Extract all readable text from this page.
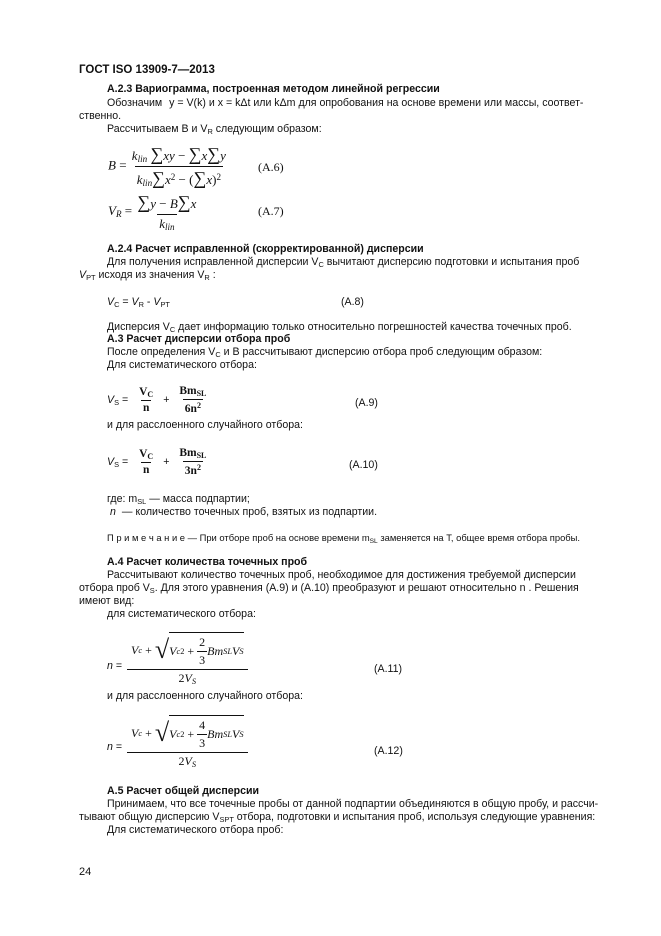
ГОСТ ISO 13909-7—2013
А.2.3 Вариограмма, построенная методом линейной регрессии
Обозначим y = V(k) и x = kΔt или kΔm для опробования на основе времени или массы, соответ-
ственно.
Рассчитываем B и $V_R$ следующим образом:
$B = \frac{k_{lin} \sum xy - \sum x\sum y}{k_{lin}\sum x^2 - (\sum x)^2}$	(А.6)
$V_R = \frac{\sum y - B\sum x}{k_{lin}}$	(А.7)
А.2.4 Расчет исправленной (скорректированной) дисперсии
Для получения исправленной дисперсии $V_C$ вычитают дисперсию подготовки и испытания проб
$V_{PT}$ исходя из значения $V_R$ :
$V_C = V_R - V_{PT}$	(А.8)
Дисперсия $V_C$ дает информацию только относительно погрешностей качества точечных проб.
А.3 Расчет дисперсии отбора проб
После определения $V_C$ и B рассчитывают дисперсию отбора проб следующим образом:
Для систематического отбора:
$V_S = \frac{V_C}{n} + \frac{Bm_{SL}}{6n^2}$	(А.9)
и для расслоенного случайного отбора:
$V_S = \frac{V_C}{n} + \frac{Bm_{SL}}{3n^2}$	(А.10)
где: $m_{SL}$ — масса подпартии;
n — количество точечных проб, взятых из подпартии.
П р и м е ч а н и е — При отборе проб на основе времени $m_{SL}$ заменяется на T, общее время отбора пробы.
А.4 Расчет количества точечных проб
Рассчитывают количество точечных проб, необходимое для достижения требуемой дисперсии
отбора проб $V_S$. Для этого уравнения (А.9) и (А.10) преобразуют и решают относительно n . Решения
имеют вид:
для систематического отбора:
n =
V c + √ V c $2 + \frac{2}{3}$ Bm SL V S
$2V_S$
(А.11)
и для расслоенного случайного отбора:
n =
V c + √ V c $2 + \frac{4}{3}$ Bm SL V S
$2V_S$
(А.12)
А.5 Расчет общей дисперсии
Принимаем, что все точечные пробы от данной подпартии объединяются в общую пробу, и рассчи-
тывают общую дисперсию $V_{SPT}$ отбора, подготовки и испытания проб, используя следующие уравнения:
Для систематического отбора проб:
24
